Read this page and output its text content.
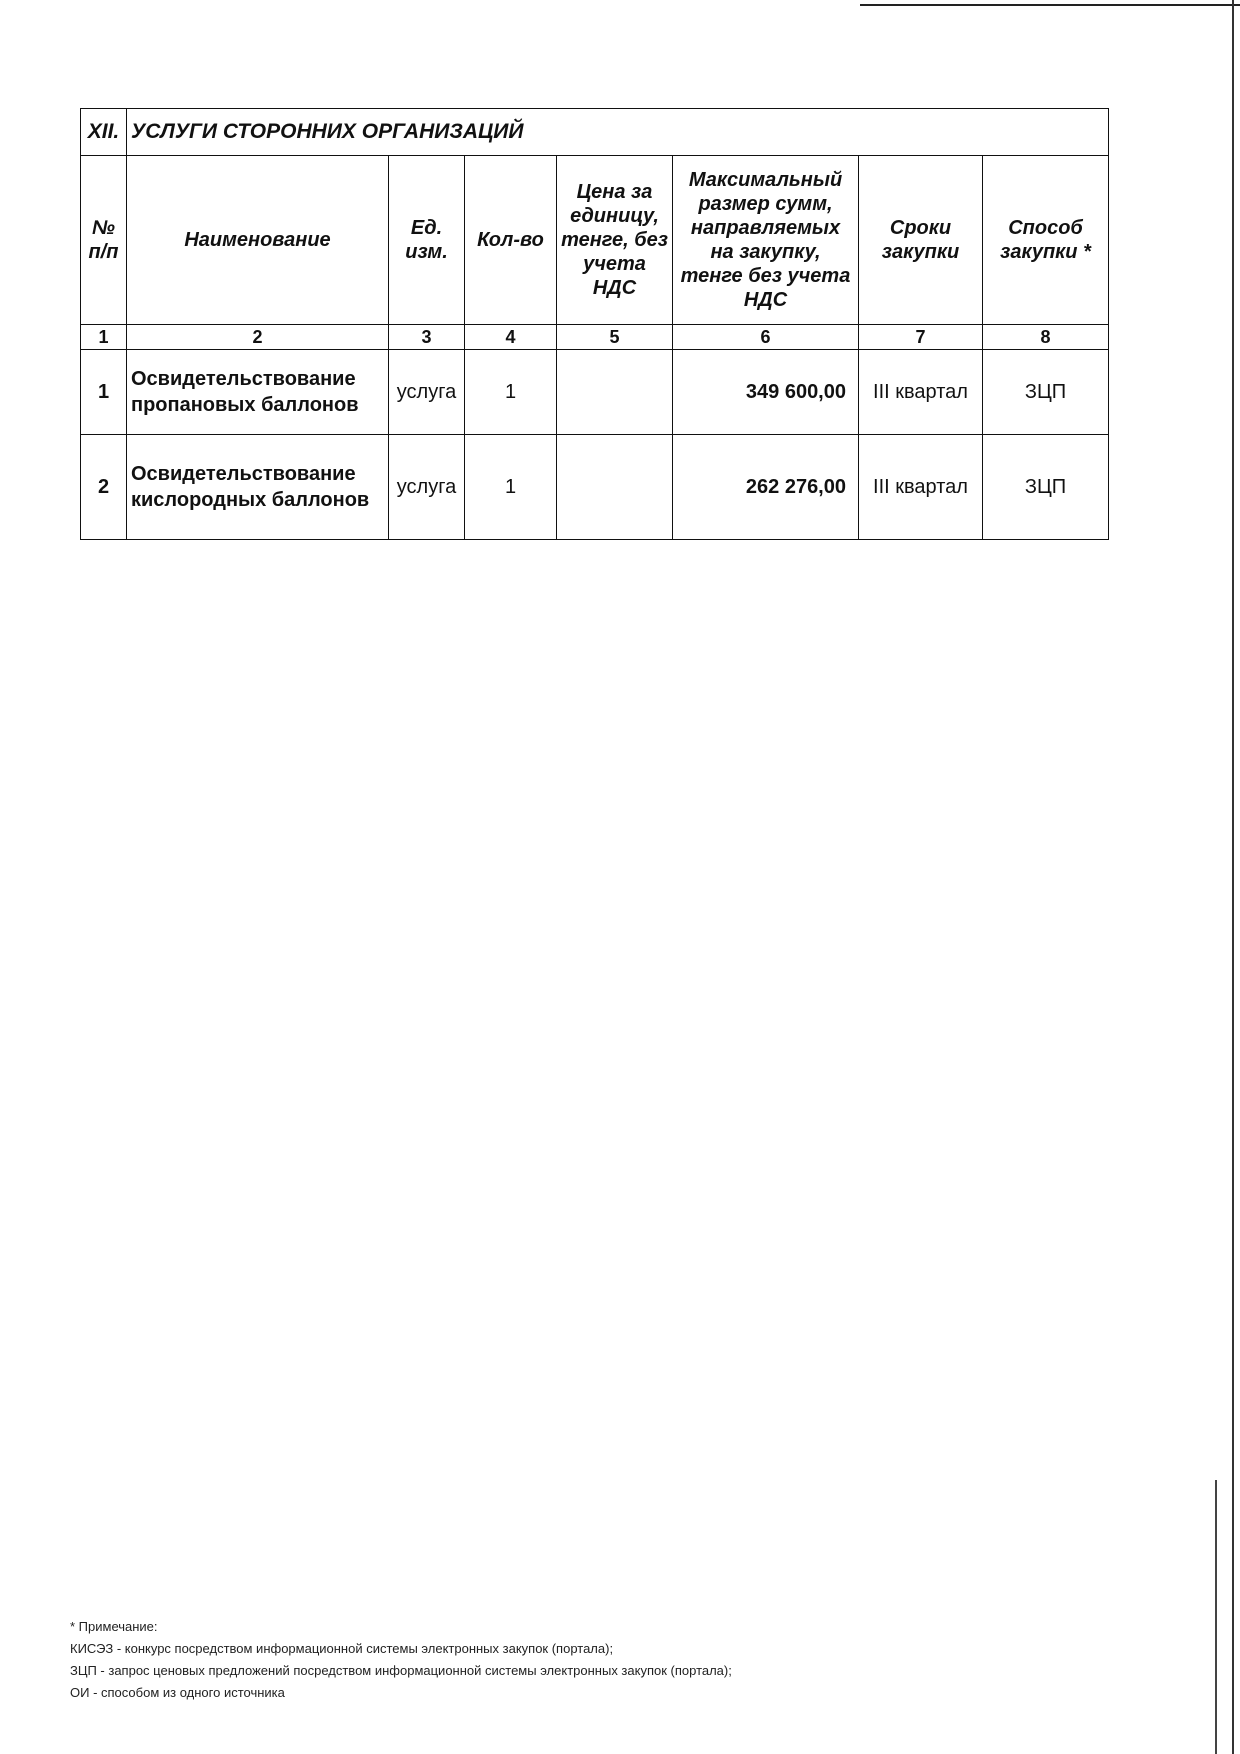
XII.	УСЛУГИ СТОРОННИХ ОРГАНИЗАЦИЙ						
№ п/п	Наименование	Ед. изм.	Кол-во	Цена за единицу, тенге, без учета НДС	Максимальный размер сумм, направляемых на закупку, тенге без учета НДС	Сроки закупки	Способ закупки *
1	2	3	4	5	6	7	8
1	Освидетельствование пропановых баллонов	услуга	1		349 600,00	III квартал	ЗЦП
2	Освидетельствование кислородных баллонов	услуга	1		262 276,00	III квартал	ЗЦП
* Примечание:
КИСЭЗ - конкурс посредством информационной системы электронных закупок (портала);
ЗЦП - запрос ценовых предложений посредством информационной системы электронных закупок (портала);
ОИ - способом из одного источника
